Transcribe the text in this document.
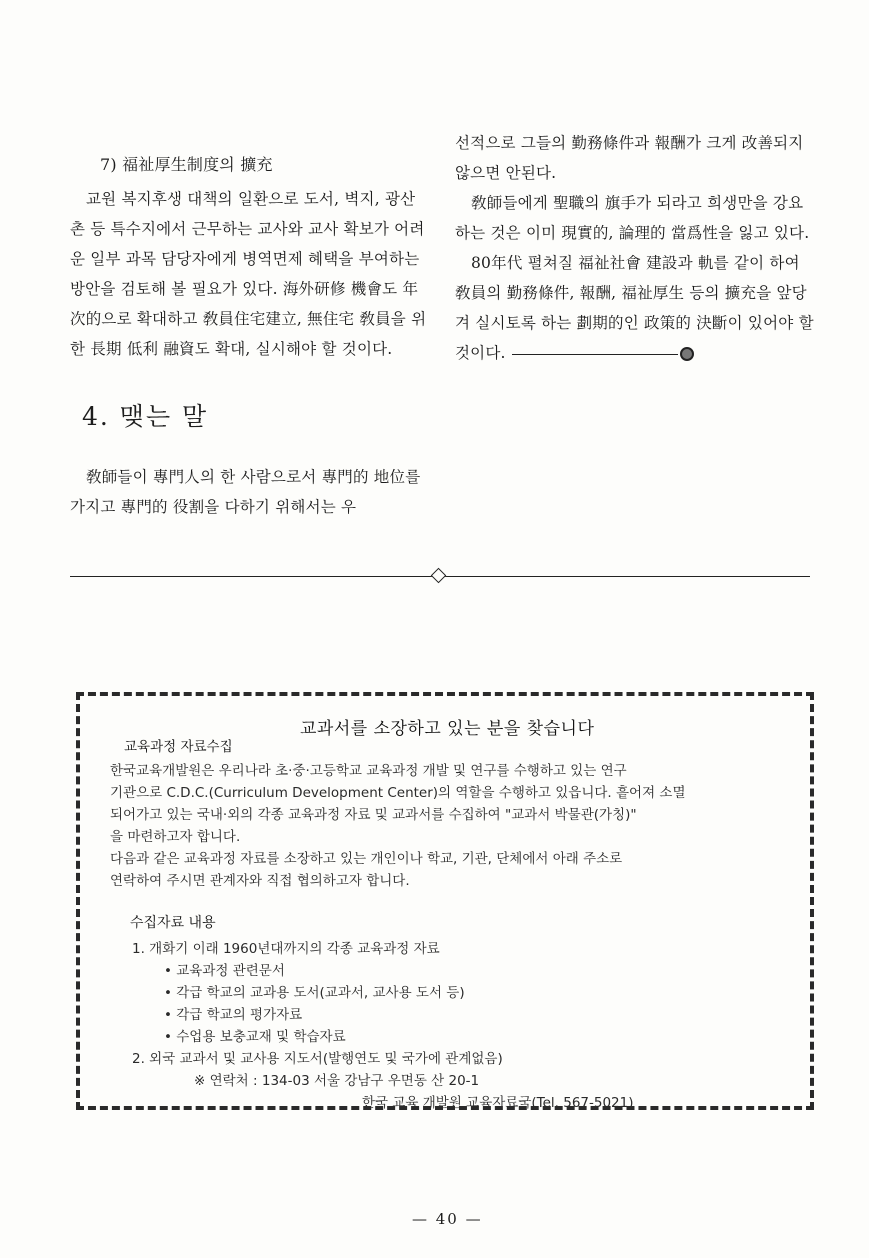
7) 福祉厚生制度의 擴充

교원 복지후생 대책의 일환으로 도서, 벽지, 광산촌 등 특수지에서 근무하는 교사와 교사 확보가 어려운 일부 과목 담당자에게 병역면제 혜택을 부여하는 방안을 검토해 볼 필요가 있다. 海外研修 機會도 年次的으로 확대하고 敎員住宅建立, 無住宅 敎員을 위한 長期 低利 融資도 확대, 실시해야 할 것이다.

4. 맺는 말

敎師들이 專門人의 한 사람으로서 專門的 地位를 가지고 專門的 役割을 다하기 위해서는 우

선적으로 그들의 勤務條件과 報酬가 크게 改善되지 않으면 안된다.

敎師들에게 聖職의 旗手가 되라고 희생만을 강요하는 것은 이미 現實的, 論理的 當爲性을 잃고 있다.

80年代 펼쳐질 福祉社會 建設과 軌를 같이 하여 敎員의 勤務條件, 報酬, 福祉厚生 등의 擴充을 앞당겨 실시토록 하는 劃期的인 政策的 決斷이 있어야 할 것이다.

교과서를 소장하고 있는 분을 찾습니다
교육과정 자료수집

한국교육개발원은 우리나라 초·중·고등학교 교육과정 개발 및 연구를 수행하고 있는 연구

기관으로 C.D.C.(Curriculum Development Center)의 역할을 수행하고 있읍니다. 흩어져 소멸

되어가고 있는 국내·외의 각종 교육과정 자료 및 교과서를 수집하여 "교과서 박물관(가칭)"

을 마련하고자 합니다.

다음과 같은 교육과정 자료를 소장하고 있는 개인이나 학교, 기관, 단체에서 아래 주소로

연락하여 주시면 관계자와 직접 협의하고자 합니다.

수집자료 내용

1. 개화기 이래 1960년대까지의 각종 교육과정 자료

• 교육과정 관련문서

• 각급 학교의 교과용 도서(교과서, 교사용 도서 등)

• 각급 학교의 평가자료

• 수업용 보충교재 및 학습자료

2. 외국 교과서 및 교사용 지도서(발행연도 및 국가에 관계없음)

※ 연락처 : 134-03 서울 강남구 우면동 산 20-1

한국 교육 개발원 교육자료국(Tel. 567-5021)

— 40 —
